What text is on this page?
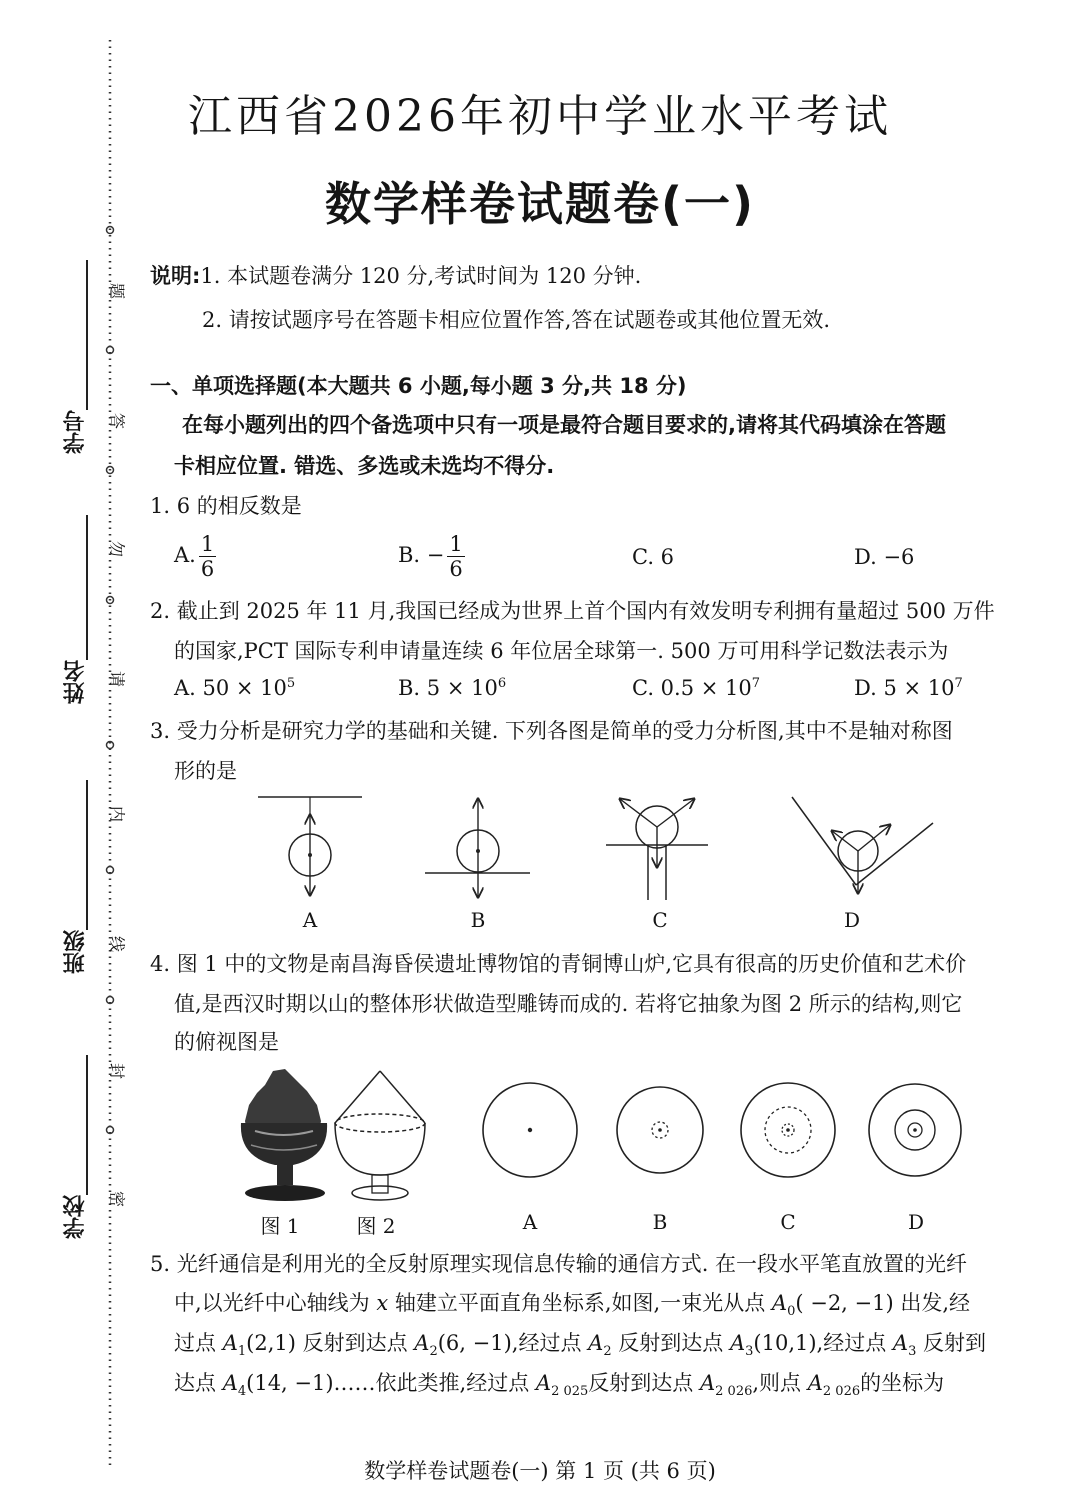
题
答
勿
请
内
线
封
密
学号
姓名
班级
学校
江西省2026年初中学业水平考试
数学样卷试题卷(一)
说明:1. 本试题卷满分 120 分,考试时间为 120 分钟.
2. 请按试题序号在答题卡相应位置作答,答在试题卷或其他位置无效.
一、单项选择题(本大题共 6 小题,每小题 3 分,共 18 分)
在每小题列出的四个备选项中只有一项是最符合题目要求的,请将其代码填涂在答题
卡相应位置. 错选、多选或未选均不得分.
1. 6 的相反数是
A. $\frac{1}{6}$	B. − $\frac{1}{6}$	C. 6	D. −6
2. 截止到 2025 年 11 月,我国已经成为世界上首个国内有效发明专利拥有量超过 500 万件
的国家,PCT 国际专利申请量连续 6 年位居全球第一. 500 万可用科学记数法表示为
A. $50 \times 10^5$	B. $5 \times 10^6$	C. $0.5 \times 10^7$	D. $5 \times 10^7$
3. 受力分析是研究力学的基础和关键. 下列各图是简单的受力分析图,其中不是轴对称图
形的是
A	B	C	D
4. 图 1 中的文物是南昌海昏侯遗址博物馆的青铜博山炉,它具有很高的历史价值和艺术价
值,是西汉时期以山的整体形状做造型雕铸而成的. 若将它抽象为图 2 所示的结构,则它
的俯视图是
图 1	图 2	A	B	C	D
5. 光纤通信是利用光的全反射原理实现信息传输的通信方式. 在一段水平笔直放置的光纤
中,以光纤中心轴线为 x 轴建立平面直角坐标系,如图,一束光从点 $A_0( -2$, −1) 出发,经
过点 $A_1(2,1)$ 反射到达点 $A_2(6$, −1),经过点 $A_2$ 反射到达点 $A_3(10,1)$,经过点 $A_3$ 反射到
达点 $A_4(14$, −1)……依此类推,经过点 $A_{2 025}$反射到达点 $A_{2 026}$,则点 $A_{2 026}$的坐标为
数学样卷试题卷(一) 第 1 页 (共 6 页)
